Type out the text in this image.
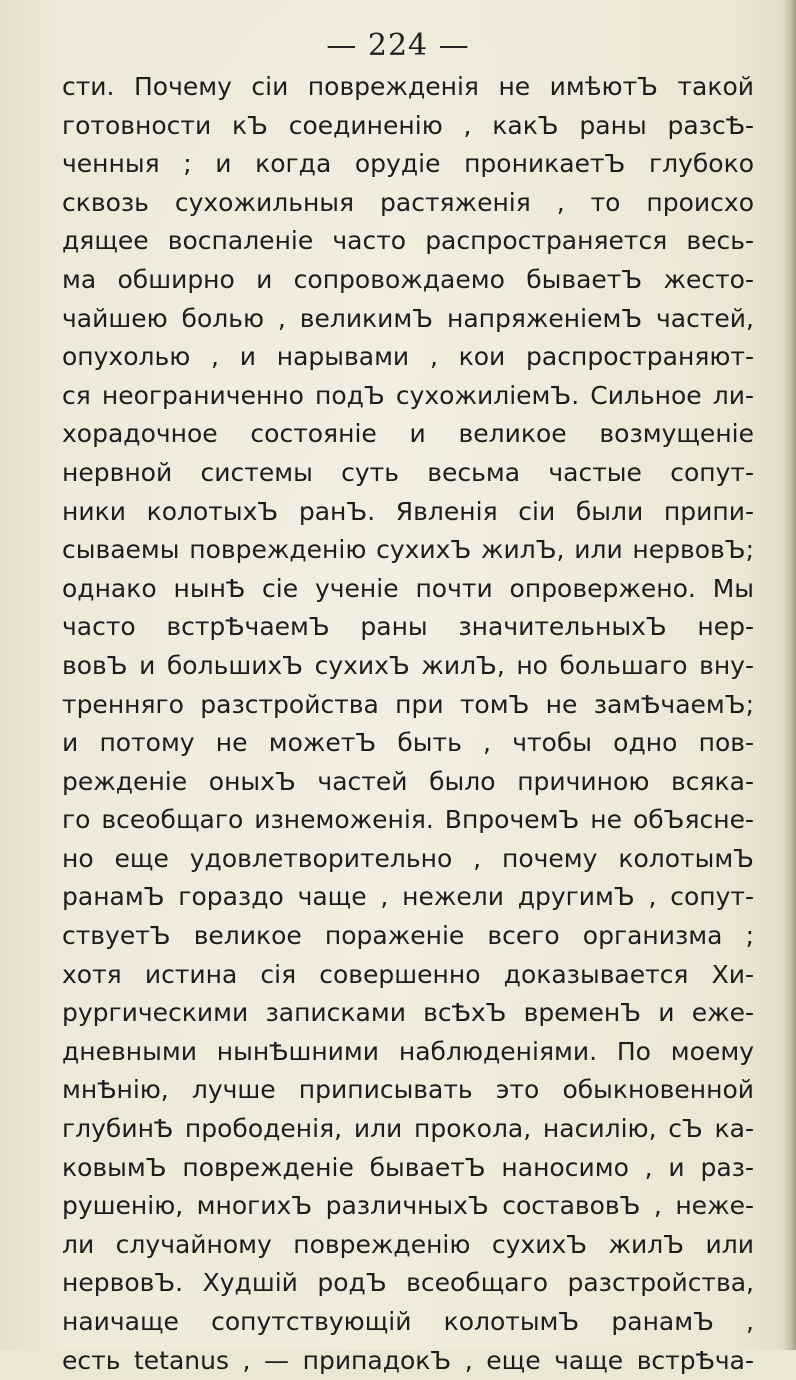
— 224 —
сти. Почему сіи поврежденія не имѣютЪ такой
готовности кЪ соединенію , какЪ раны разсѢ-
ченныя ; и когда орудіе проникаетЪ глубоко
сквозь сухожильныя растяженія , то происхо
дящее воспаленіе часто распространяется весь-
ма обширно и сопровождаемо бываетЪ жесто-
чайшею болью , великимЪ напряженіемЪ частей,
опухолью , и нарывами , кои распространяют-
ся неограниченно подЪ сухожиліемЪ. Сильное ли-
хорадочное состояніе и великое возмущеніе
нервной системы суть весьма частые сопут-
ники колотыхЪ ранЪ. Явленія сіи были припи-
сываемы поврежденію сухихЪ жилЪ, или нервовЪ;
однако нынѢ сіе ученіе почти опровержено. Мы
часто встрѢчаемЪ раны значительныхЪ нер-
вовЪ и большихЪ сухихЪ жилЪ, но большаго вну-
тренняго разстройства при томЪ не замѢчаемЪ;
и потому не можетЪ быть , чтобы одно пов-
режденіе оныхЪ частей было причиною всяка-
го всеобщаго изнеможенія. ВпрочемЪ не обЪясне-
но еще удовлетворительно , почему колотымЪ
ранамЪ гораздо чаще , нежели другимЪ , сопут-
ствуетЪ великое пораженіе всего организма ;
хотя истина сія совершенно доказывается Хи-
рургическими записками всѢхЪ временЪ и еже-
дневными нынѢшними наблюденіями. По моему
мнѢнію, лучше приписывать это обыкновенной
глубинѢ прободенія, или прокола, насилію, сЪ ка-
ковымЪ поврежденіе бываетЪ наносимо , и раз-
рушенію, многихЪ различныхЪ составовЪ , неже-
ли случайному поврежденію сухихЪ жилЪ или
нервовЪ. Худшій родЪ всеобщаго разстройства,
наичаще сопутствующій колотымЪ ранамЪ ,
есть tetanus , — припадокЪ , еще чаще встрѢча-
